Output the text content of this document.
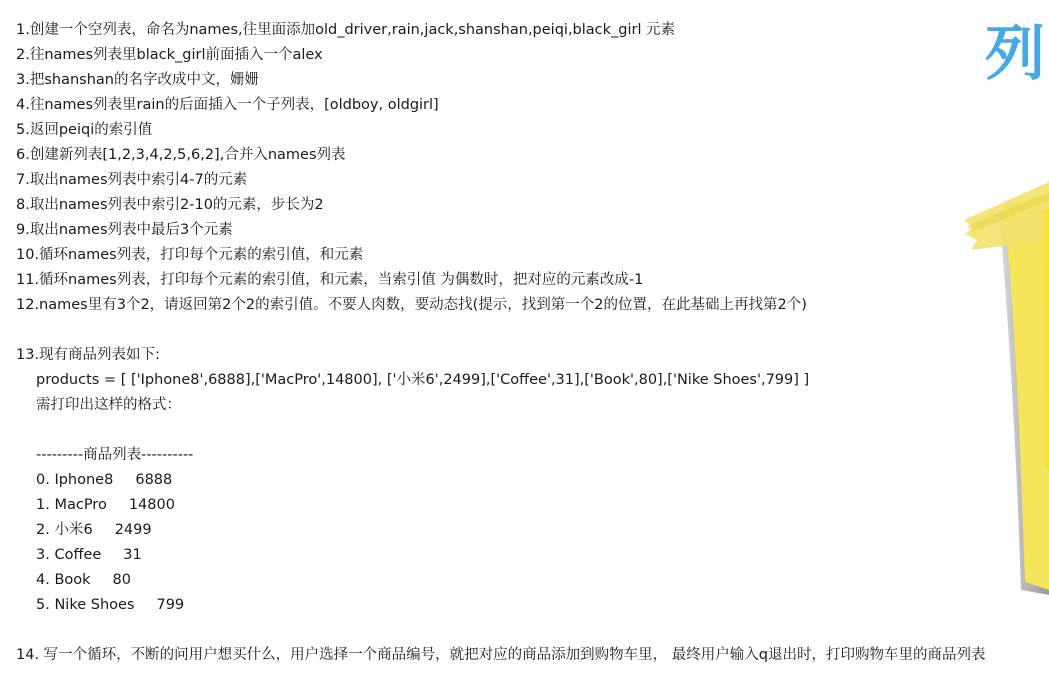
列
1.创建一个空列表，命名为names,往里面添加old_driver,rain,jack,shanshan,peiqi,black_girl 元素
2.往names列表里black_girl前面插入一个alex
3.把shanshan的名字改成中文，姗姗
4.往names列表里rain的后面插入一个子列表，[oldboy, oldgirl]
5.返回peiqi的索引值
6.创建新列表[1,2,3,4,2,5,6,2],合并入names列表
7.取出names列表中索引4-7的元素
8.取出names列表中索引2-10的元素，步长为2
9.取出names列表中最后3个元素
10.循环names列表，打印每个元素的索引值，和元素
11.循环names列表，打印每个元素的索引值，和元素，当索引值 为偶数时，把对应的元素改成-1
12.names里有3个2，请返回第2个2的索引值。不要人肉数，要动态找(提示，找到第一个2的位置，在此基础上再找第2个)
13.现有商品列表如下:
products = [ ['Iphone8',6888],['MacPro',14800], ['小米6',2499],['Coffee',31],['Book',80],['Nike Shoes',799] ]
需打印出这样的格式：
---------商品列表----------
0. Iphone8 6888
1. MacPro 14800
2. 小米6 2499
3. Coffee 31
4. Book 80
5. Nike Shoes 799
14. 写一个循环，不断的问用户想买什么，用户选择一个商品编号，就把对应的商品添加到购物车里， 最终用户输入q退出时，打印购物车里的商品列表
